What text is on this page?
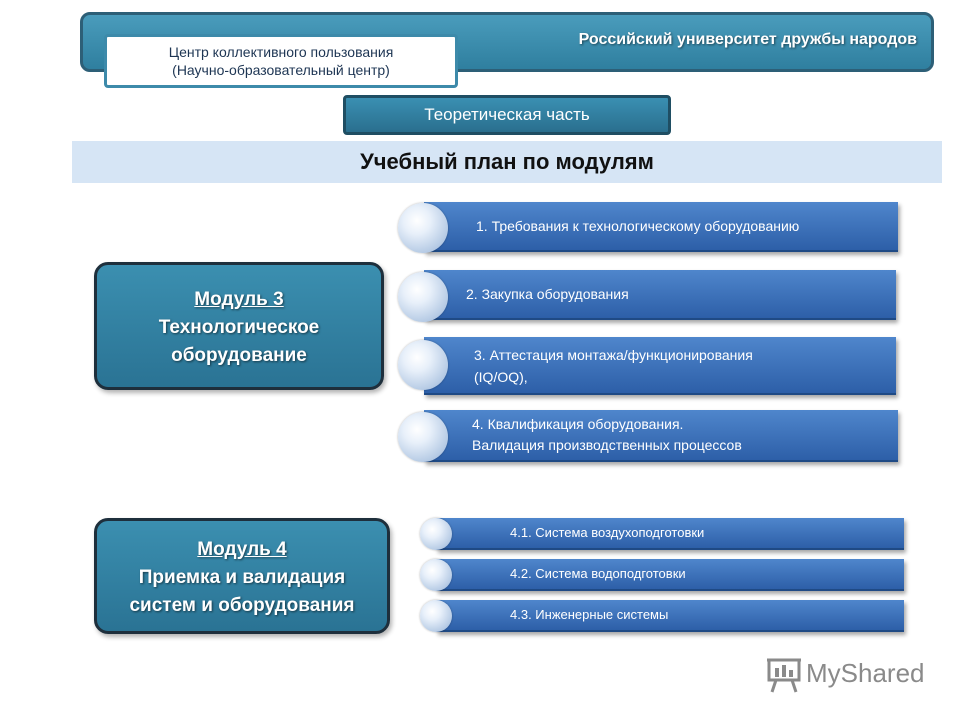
Российский университет дружбы народов
Центр коллективного пользования
(Научно-образовательный центр)
Теоретическая часть
Учебный план по модулям
Модуль 3
Технологическое
оборудование
1. Требования к технологическому оборудованию
2. Закупка оборудования
3. Аттестация монтажа/функционирования
(IQ/OQ),
4. Квалификация оборудования.
Валидация производственных процессов
Модуль 4
Приемка и валидация
систем и оборудования
4.1. Система воздухоподготовки
4.2. Система водоподготовки
4.3. Инженерные системы
MyShared
